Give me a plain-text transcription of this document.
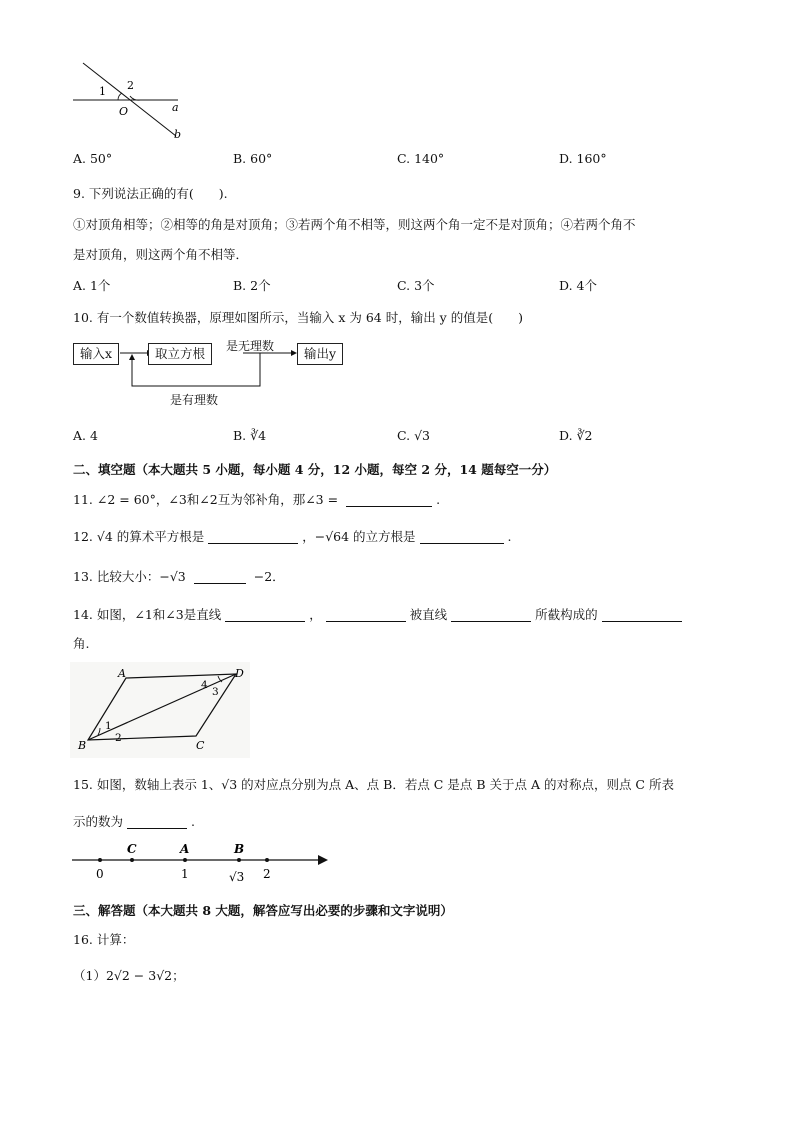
1 2
O	a
b
A. 50°	B. 60°	C. 140°	D. 160°
9. 下列说法正确的有(　　).
①对顶角相等；②相等的角是对顶角；③若两个角不相等，则这两个角一定不是对顶角；④若两个角不
是对顶角，则这两个角不相等．
A. 1个	B. 2个	C. 3个	D. 4个
10. 有一个数值转换器，原理如图所示，当输入 x 为 64 时，输出 y 的值是(　　)
输入x	取立方根	是无理数	输出y
是有理数
A. 4	B. ∛4	C. √3	D. ∛2
二、填空题（本大题共 5 小题，每小题 4 分，12 小题，每空 2 分，14 题每空一分）
11. ∠2 = 60°，∠3和∠2互为邻补角，那∠3 =	.
12. √4 的算术平方根是	，−√64 的立方根是	.
13. 比较大小：−√3	−2．
14. 如图，∠1和∠3是直线	，	被直线	所截构成的
角.
A	D
B	C
1
2
3
4
15. 如图，数轴上表示 1、√3 的对应点分别为点 A、点 B．若点 C 是点 B 关于点 A 的对称点，则点 C 所表
示的数为	.
C	A	B
0	1	√3 2
三、解答题（本大题共 8 大题，解答应写出必要的步骤和文字说明）
16. 计算：
（1）2√2 − 3√2；
